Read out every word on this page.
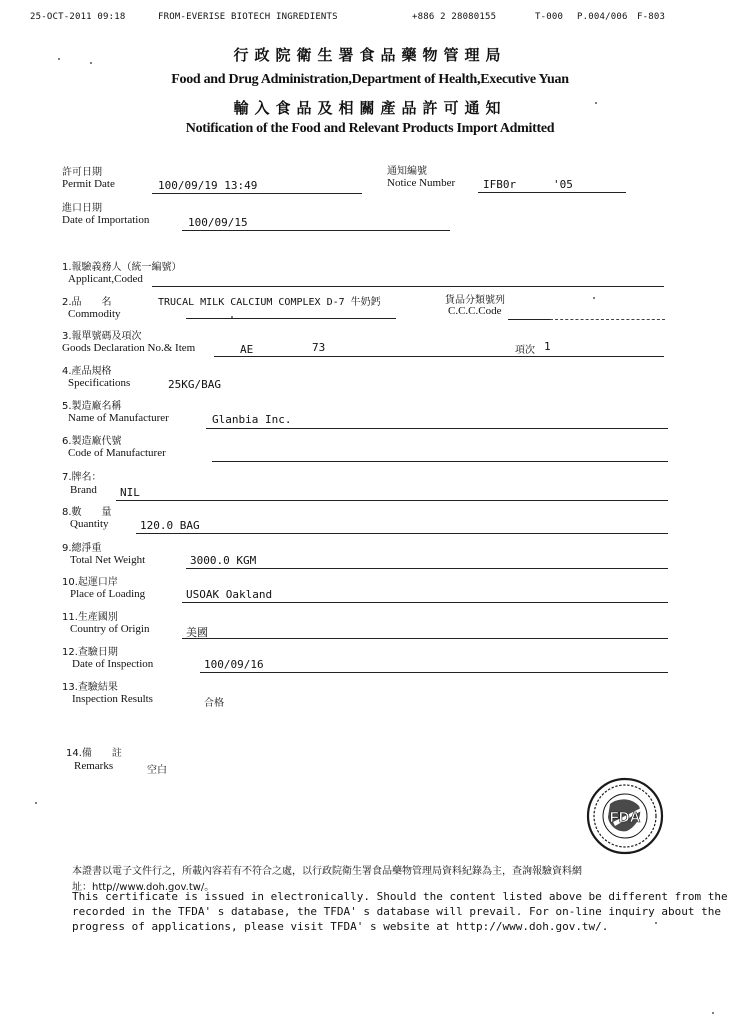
25-OCT-2011 09:18	FROM-EVERISE BIOTECH INGREDIENTS	+886 2 28080155	T-000 P.004/006 F-803
行政院衛生署食品藥物管理局
Food and Drug Administration,Department of Health,Executive Yuan
輸入食品及相關產品許可通知
Notification of the Food and Relevant Products Import Admitted
許可日期
Permit Date	100/09/19 13:49
通知編號
Notice Number	IFB0r	'05
進口日期
Date of Importation	100/09/15
1.報驗義務人（統一編號）
Applicant,Coded
2.品　　名
Commodity
TRUCAL MILK CALCIUM COMPLEX D-7 牛奶鈣	貨品分類號列
C.C.C.Code
3.報單號碼及項次
Goods Declaration No.& Item	AE	73	項次 1
4.產品規格
Specifications	25KG/BAG
5.製造廠名稱
Name of Manufacturer	Glanbia Inc.
6.製造廠代號
Code of Manufacturer
7.牌名：
Brand NIL
8.數　　量
Quantity	120.0 BAG
9.總淨重
Total Net Weight	3000.0 KGM
10.起運口岸
Place of Loading	USOAK Oakland
11.生產國別
Country of Origin	美國
12.查驗日期
Date of Inspection	100/09/16
13.查驗結果
Inspection Results	合格
14.備　　註
Remarks	空白
FDA
本證書以電子文件行之，所載內容若有不符合之處，以行政院衛生署食品藥物管理局資料紀錄為主，查詢報驗資料網
址：http//www.doh.gov.tw/。
This certificate is issued in electronically. Should the content listed above be different from the
recorded in the TFDA' s database, the TFDA' s database will prevail. For on-line inquiry about the
progress of applications, please visit TFDA' s website at http://www.doh.gov.tw/.
